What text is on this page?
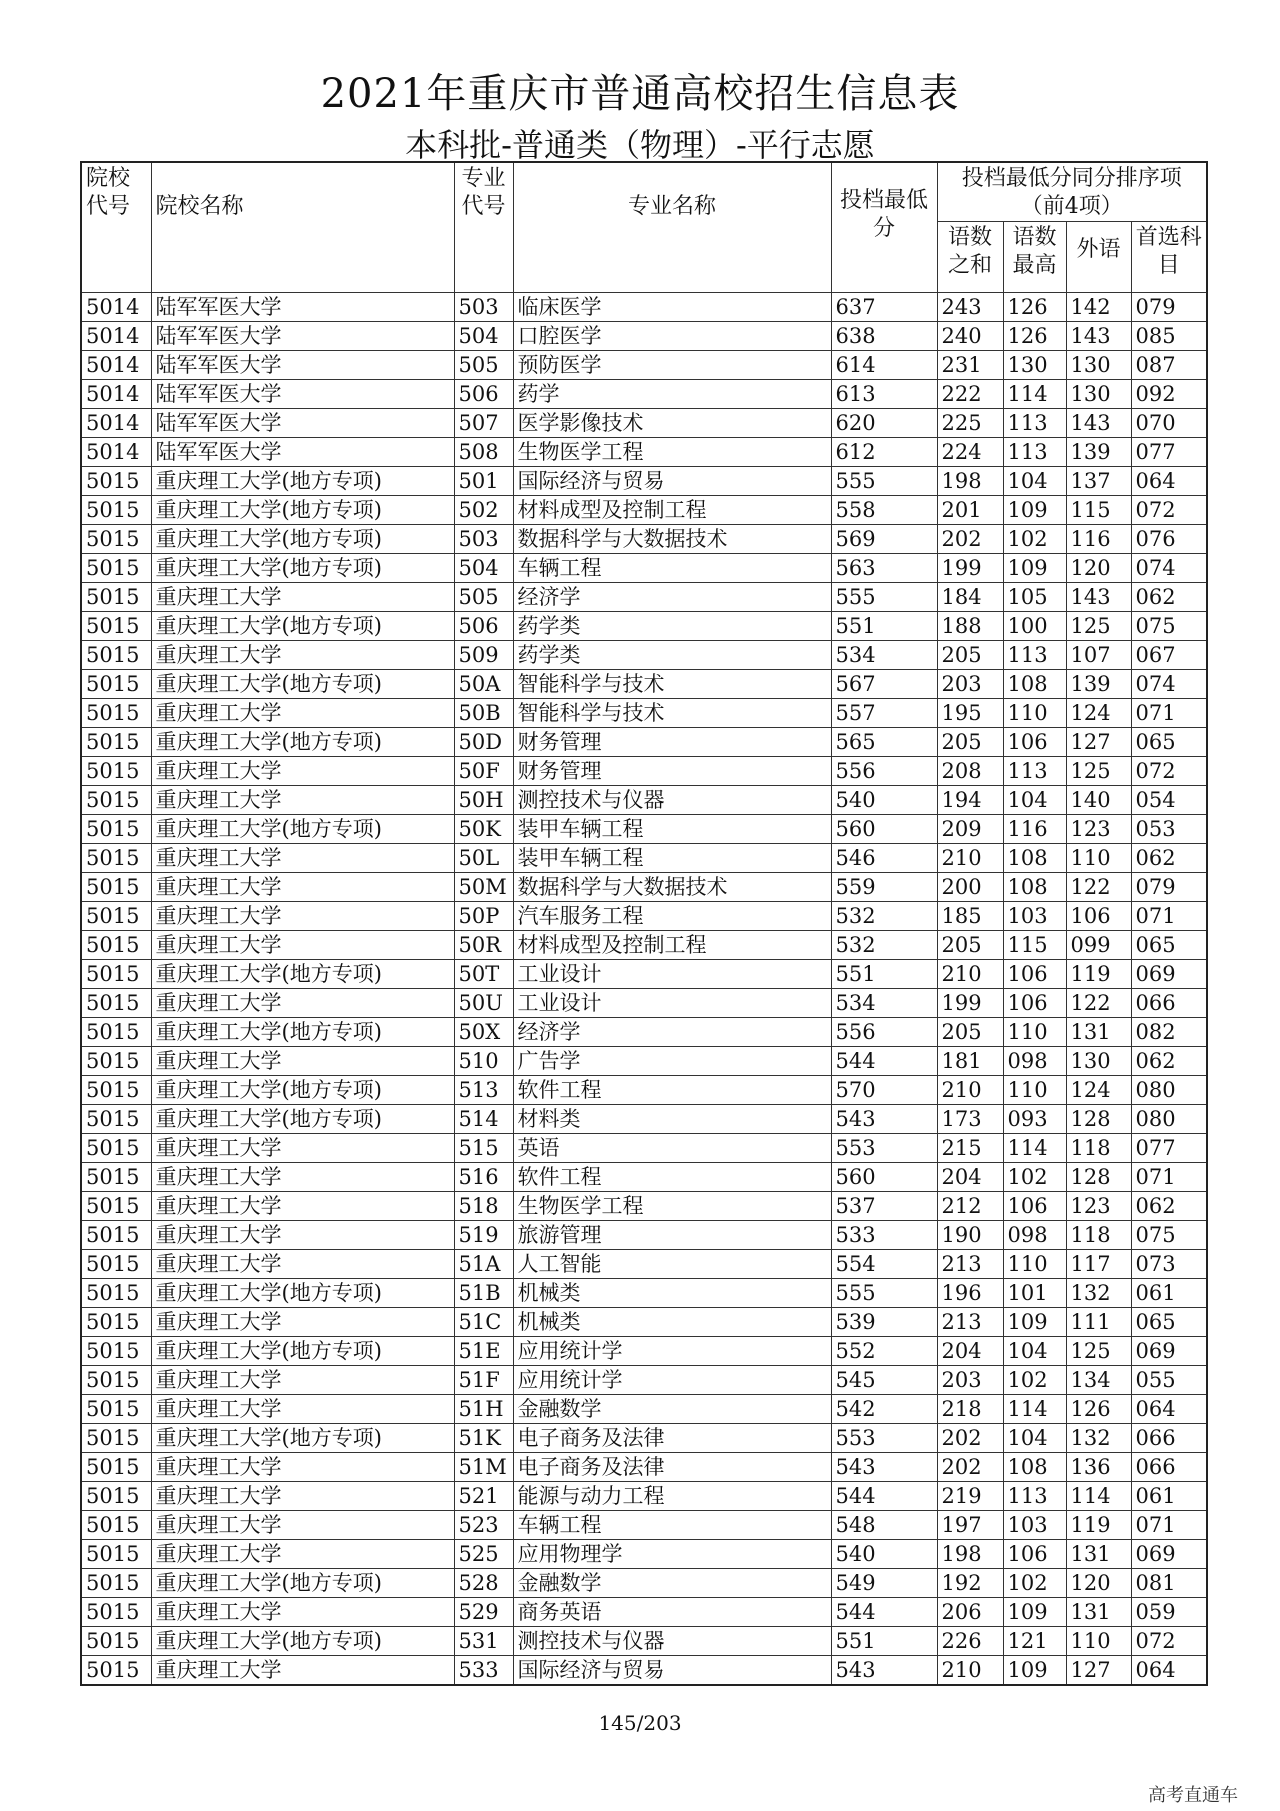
2021年重庆市普通高校招生信息表
本科批-普通类（物理）-平行志愿
院校代号	院校名称	专业代号	专业名称	投档最低分	投档最低分同分排序项（前4项）			
					语数之和	语数最高	外语	首选科目
5014	陆军军医大学	503	临床医学	637	243	126	142	079
5014	陆军军医大学	504	口腔医学	638	240	126	143	085
5014	陆军军医大学	505	预防医学	614	231	130	130	087
5014	陆军军医大学	506	药学	613	222	114	130	092
5014	陆军军医大学	507	医学影像技术	620	225	113	143	070
5014	陆军军医大学	508	生物医学工程	612	224	113	139	077
5015	重庆理工大学(地方专项)	501	国际经济与贸易	555	198	104	137	064
5015	重庆理工大学(地方专项)	502	材料成型及控制工程	558	201	109	115	072
5015	重庆理工大学(地方专项)	503	数据科学与大数据技术	569	202	102	116	076
5015	重庆理工大学(地方专项)	504	车辆工程	563	199	109	120	074
5015	重庆理工大学	505	经济学	555	184	105	143	062
5015	重庆理工大学(地方专项)	506	药学类	551	188	100	125	075
5015	重庆理工大学	509	药学类	534	205	113	107	067
5015	重庆理工大学(地方专项)	50A	智能科学与技术	567	203	108	139	074
5015	重庆理工大学	50B	智能科学与技术	557	195	110	124	071
5015	重庆理工大学(地方专项)	50D	财务管理	565	205	106	127	065
5015	重庆理工大学	50F	财务管理	556	208	113	125	072
5015	重庆理工大学	50H	测控技术与仪器	540	194	104	140	054
5015	重庆理工大学(地方专项)	50K	装甲车辆工程	560	209	116	123	053
5015	重庆理工大学	50L	装甲车辆工程	546	210	108	110	062
5015	重庆理工大学	50M	数据科学与大数据技术	559	200	108	122	079
5015	重庆理工大学	50P	汽车服务工程	532	185	103	106	071
5015	重庆理工大学	50R	材料成型及控制工程	532	205	115	099	065
5015	重庆理工大学(地方专项)	50T	工业设计	551	210	106	119	069
5015	重庆理工大学	50U	工业设计	534	199	106	122	066
5015	重庆理工大学(地方专项)	50X	经济学	556	205	110	131	082
5015	重庆理工大学	510	广告学	544	181	098	130	062
5015	重庆理工大学(地方专项)	513	软件工程	570	210	110	124	080
5015	重庆理工大学(地方专项)	514	材料类	543	173	093	128	080
5015	重庆理工大学	515	英语	553	215	114	118	077
5015	重庆理工大学	516	软件工程	560	204	102	128	071
5015	重庆理工大学	518	生物医学工程	537	212	106	123	062
5015	重庆理工大学	519	旅游管理	533	190	098	118	075
5015	重庆理工大学	51A	人工智能	554	213	110	117	073
5015	重庆理工大学(地方专项)	51B	机械类	555	196	101	132	061
5015	重庆理工大学	51C	机械类	539	213	109	111	065
5015	重庆理工大学(地方专项)	51E	应用统计学	552	204	104	125	069
5015	重庆理工大学	51F	应用统计学	545	203	102	134	055
5015	重庆理工大学	51H	金融数学	542	218	114	126	064
5015	重庆理工大学(地方专项)	51K	电子商务及法律	553	202	104	132	066
5015	重庆理工大学	51M	电子商务及法律	543	202	108	136	066
5015	重庆理工大学	521	能源与动力工程	544	219	113	114	061
5015	重庆理工大学	523	车辆工程	548	197	103	119	071
5015	重庆理工大学	525	应用物理学	540	198	106	131	069
5015	重庆理工大学(地方专项)	528	金融数学	549	192	102	120	081
5015	重庆理工大学	529	商务英语	544	206	109	131	059
5015	重庆理工大学(地方专项)	531	测控技术与仪器	551	226	121	110	072
5015	重庆理工大学	533	国际经济与贸易	543	210	109	127	064
145/203
高考直通车
